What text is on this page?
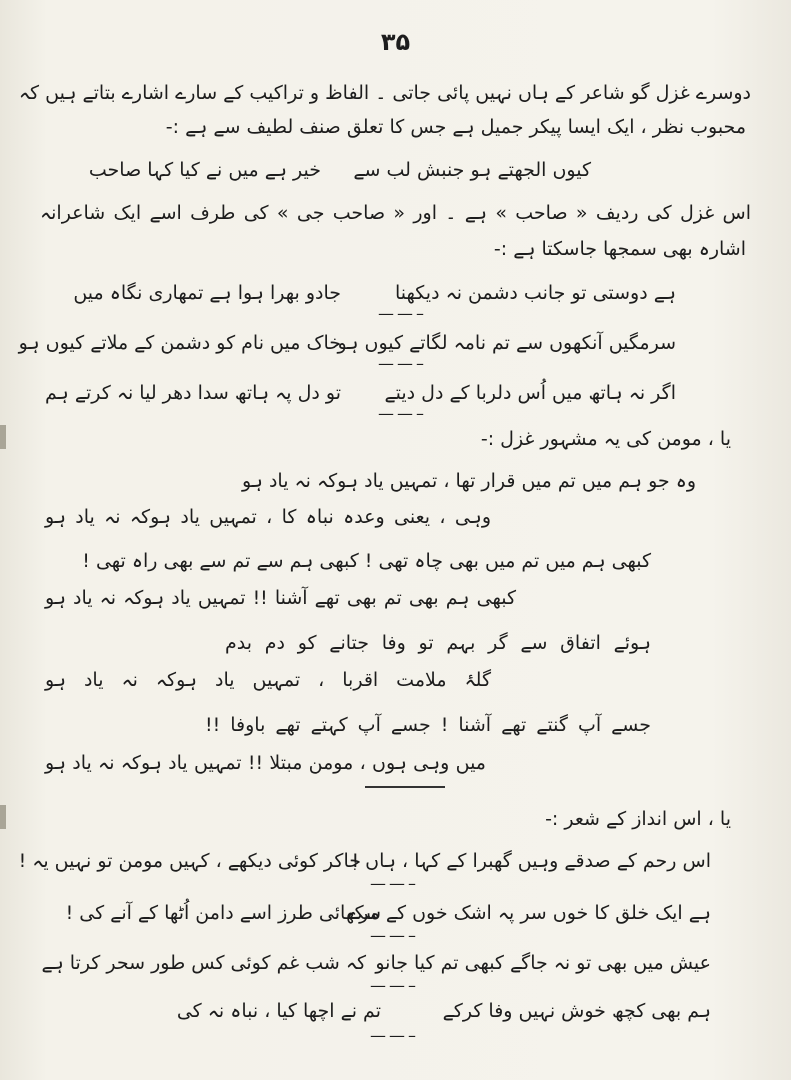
۳۵
دوسرے غزل گو شاعر کے ہاں نہیں پائی جاتی ۔ الفاظ و تراکیب کے سارے اشارے بتاتے ہیں کہ
محبوب نظر ، ایک ایسا پیکر جمیل ہے جس کا تعلق صنف لطیف سے ہے :-
کیوں الجھتے ہو جنبش لب سے
خیر ہے میں نے کیا کہا صاحب
اس غزل کی ردیف « صاحب » ہے ۔ اور « صاحب جی » کی طرف اسے ایک شاعرانہ
اشارہ بھی سمجھا جاسکتا ہے :-
ہے دوستی تو جانب دشمن نہ دیکھنا
جادو بھرا ہوا ہے تمھاری نگاہ میں
——–
سرمگیں آنکھوں سے تم نامہ لگاتے کیوں ہو
خاک میں نام کو دشمن کے ملاتے کیوں ہو
——–
اگر نہ ہاتھ میں اُس دلربا کے دل دیتے
تو دل پہ ہاتھ سدا دھر لیا نہ کرتے ہم
——–
یا ، مومن کی یہ مشہور غزل :-
وہ جو ہم میں تم میں قرار تھا ، تمہیں یاد ہوکہ نہ یاد ہو
وہی ، یعنی وعدہ نباہ کا ، تمہیں یاد ہوکہ نہ یاد ہو
کبھی ہم میں تم میں بھی چاہ تھی ! کبھی ہم سے تم سے بھی راہ تھی !
کبھی ہم بھی تم بھی تھے آشنا !! تمہیں یاد ہوکہ نہ یاد ہو
ہوئے اتفاق سے گر بہم تو وفا جتانے کو دم بدم
گلۂ ملامت اقربا ، تمہیں یاد ہوکہ نہ یاد ہو
جسے آپ گنتے تھے آشنا ! جسے آپ کہتے تھے باوفا !!
میں وہی ہوں ، مومن مبتلا !! تمہیں یاد ہوکہ نہ یاد ہو
یا ، اس انداز کے شعر :-
اس رحم کے صدقے وہیں گھبرا کے کہا ، ہاں !
جاکر کوئی دیکھے ، کہیں مومن تو نہیں یہ !
——–
ہے ایک خلق کا خوں سر پہ اشک خوں کے مرے
سکھائی طرز اسے دامن اُٹھا کے آنے کی !
——–
عیش میں بھی تو نہ جاگے کبھی تم کیا جانو
کہ شب غم کوئی کس طور سحر کرتا ہے
——–
ہم بھی کچھ خوش نہیں وفا کرکے
تم نے اچھا کیا ، نباہ نہ کی
——–
